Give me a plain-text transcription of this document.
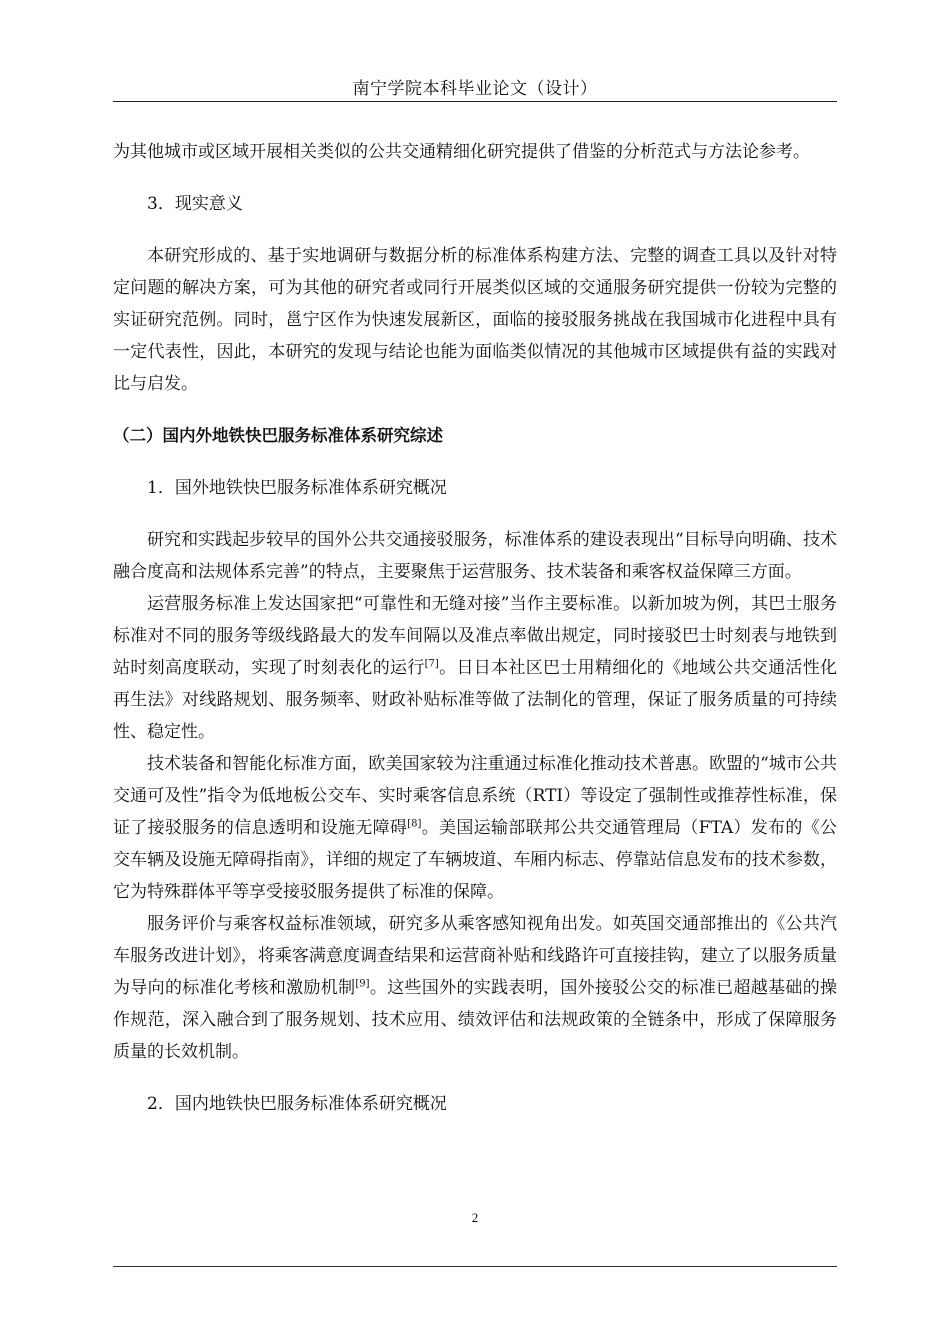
南宁学院本科毕业论文（设计）

为其他城市或区域开展相关类似的公共交通精细化研究提供了借鉴的分析范式与方法论参考。

3．现实意义

本研究形成的、基于实地调研与数据分析的标准体系构建方法、完整的调查工具以及针对特定问题的解决方案，可为其他的研究者或同行开展类似区域的交通服务研究提供一份较为完整的实证研究范例。同时，邕宁区作为快速发展新区，面临的接驳服务挑战在我国城市化进程中具有一定代表性，因此，本研究的发现与结论也能为面临类似情况的其他城市区域提供有益的实践对比与启发。

（二）国内外地铁快巴服务标准体系研究综述

1．国外地铁快巴服务标准体系研究概况

研究和实践起步较早的国外公共交通接驳服务，标准体系的建设表现出“目标导向明确、技术融合度高和法规体系完善”的特点，主要聚焦于运营服务、技术装备和乘客权益保障三方面。

运营服务标准上发达国家把“可靠性和无缝对接”当作主要标准。以新加坡为例，其巴士服务标准对不同的服务等级线路最大的发车间隔以及准点率做出规定，同时接驳巴士时刻表与地铁到站时刻高度联动，实现了时刻表化的运行[7]。日日本社区巴士用精细化的《地域公共交通活性化再生法》对线路规划、服务频率、财政补贴标准等做了法制化的管理，保证了服务质量的可持续性、稳定性。

技术装备和智能化标准方面，欧美国家较为注重通过标准化推动技术普惠。欧盟的“城市公共交通可及性”指令为低地板公交车、实时乘客信息系统（RTI）等设定了强制性或推荐性标准，保证了接驳服务的信息透明和设施无障碍[8]。美国运输部联邦公共交通管理局（FTA）发布的《公交车辆及设施无障碍指南》，详细的规定了车辆坡道、车厢内标志、停靠站信息发布的技术参数，它为特殊群体平等享受接驳服务提供了标准的保障。

服务评价与乘客权益标准领域，研究多从乘客感知视角出发。如英国交通部推出的《公共汽车服务改进计划》，将乘客满意度调查结果和运营商补贴和线路许可直接挂钩，建立了以服务质量为导向的标准化考核和激励机制[9]。这些国外的实践表明，国外接驳公交的标准已超越基础的操作规范，深入融合到了服务规划、技术应用、绩效评估和法规政策的全链条中，形成了保障服务质量的长效机制。

2．国内地铁快巴服务标准体系研究概况

2
